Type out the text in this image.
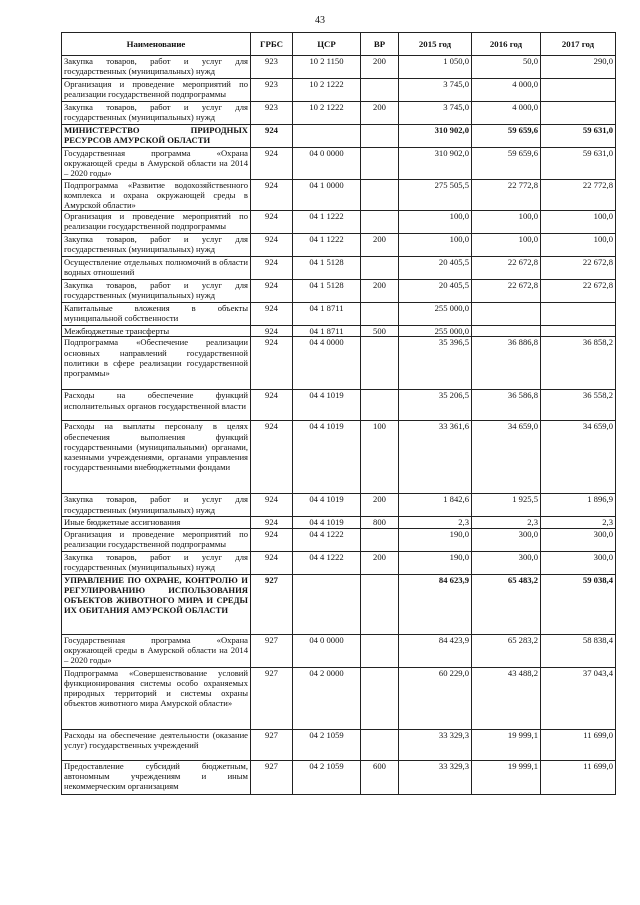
43
Наименование	ГРБС	ЦСР	ВР	2015 год	2016 год	2017 год
Закупка товаров, работ и услуг для государственных (муниципальных) нужд	923	10 2 1150	200	1 050,0	50,0	290,0
Организация и проведение мероприятий по реализации государственной подпрограммы	923	10 2 1222		3 745,0	4 000,0	
Закупка товаров, работ и услуг для государственных (муниципальных) нужд	923	10 2 1222	200	3 745,0	4 000,0	
МИНИСТЕРСТВО ПРИРОДНЫХ РЕСУРСОВ АМУРСКОЙ ОБЛАСТИ	924			310 902,0	59 659,6	59 631,0
Государственная программа «Охрана окружающей среды в Амурской области на 2014 – 2020 годы»	924	04 0 0000		310 902,0	59 659,6	59 631,0
Подпрограмма «Развитие водохозяйственного комплекса и охрана окружающей среды в Амурской области»	924	04 1 0000		275 505,5	22 772,8	22 772,8
Организация и проведение мероприятий по реализации государственной подпрограммы	924	04 1 1222		100,0	100,0	100,0
Закупка товаров, работ и услуг для государственных (муниципальных) нужд	924	04 1 1222	200	100,0	100,0	100,0
Осуществление отдельных полномочий в области водных отношений	924	04 1 5128		20 405,5	22 672,8	22 672,8
Закупка товаров, работ и услуг для государственных (муниципальных) нужд	924	04 1 5128	200	20 405,5	22 672,8	22 672,8
Капитальные вложения в объекты муниципальной собственности	924	04 1 8711		255 000,0		
Межбюджетные трансферты	924	04 1 8711	500	255 000,0		
Подпрограмма «Обеспечение реализации основных направлений государственной политики в сфере реализации государственной программы»	924	04 4 0000		35 396,5	36 886,8	36 858,2
Расходы на обеспечение функций исполнительных органов государственной власти	924	04 4 1019		35 206,5	36 586,8	36 558,2
Расходы на выплаты персоналу в целях обеспечения выполнения функций государственными (муниципальными) органами, казенными учреждениями, органами управления государственными внебюджетными фондами	924	04 4 1019	100	33 361,6	34 659,0	34 659,0
Закупка товаров, работ и услуг для государственных (муниципальных) нужд	924	04 4 1019	200	1 842,6	1 925,5	1 896,9
Иные бюджетные ассигнования	924	04 4 1019	800	2,3	2,3	2,3
Организация и проведение мероприятий по реализации государственной подпрограммы	924	04 4 1222		190,0	300,0	300,0
Закупка товаров, работ и услуг для государственных (муниципальных) нужд	924	04 4 1222	200	190,0	300,0	300,0
УПРАВЛЕНИЕ ПО ОХРАНЕ, КОНТРОЛЮ И РЕГУЛИРОВАНИЮ ИСПОЛЬЗОВАНИЯ ОБЪЕКТОВ ЖИВОТНОГО МИРА И СРЕДЫ ИХ ОБИТАНИЯ АМУРСКОЙ ОБЛАСТИ	927			84 623,9	65 483,2	59 038,4
Государственная программа «Охрана окружающей среды в Амурской области на 2014 – 2020 годы»	927	04 0 0000		84 423,9	65 283,2	58 838,4
Подпрограмма «Совершенствование условий функционирования системы особо охраняемых природных территорий и системы охраны объектов животного мира Амурской области»	927	04 2 0000		60 229,0	43 488,2	37 043,4
Расходы на обеспечение деятельности (оказание услуг) государственных учреждений	927	04 2 1059		33 329,3	19 999,1	11 699,0
Предоставление субсидий бюджетным, автономным учреждениям и иным некоммерческим организациям	927	04 2 1059	600	33 329,3	19 999,1	11 699,0
